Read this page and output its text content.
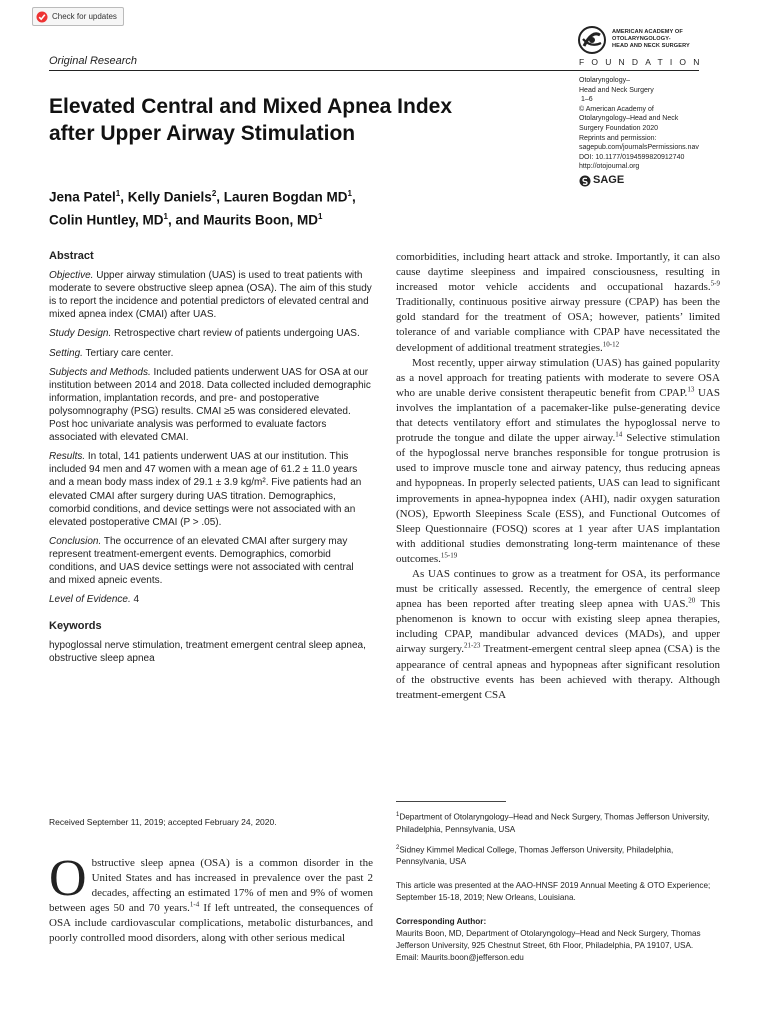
Check for updates
Original Research
AMERICAN ACADEMY OF
OTOLARYNGOLOGY-
HEAD AND NECK SURGERY
FOUNDATION
Otolaryngology–
Head and Neck Surgery
1–6
© American Academy of
Otolaryngology–Head and Neck
Surgery Foundation 2020
Reprints and permission:
sagepub.com/journalsPermissions.nav
DOI: 10.1177/0194599820912740
http://otojournal.org
SAGE
Elevated Central and Mixed Apnea Index
after Upper Airway Stimulation
Jena Patel$^1$, Kelly Daniels$^2$, Lauren Bogdan $MD^1$,
Colin Huntley, $MD^1$, and Maurits Boon, $MD^1$
Abstract

Objective. Upper airway stimulation (UAS) is used to treat patients with moderate to severe obstructive sleep apnea (OSA). The aim of this study is to report the incidence and potential predictors of elevated central and mixed apnea index (CMAI) after UAS.

Study Design. Retrospective chart review of patients undergoing UAS.

Setting. Tertiary care center.

Subjects and Methods. Included patients underwent UAS for OSA at our institution between 2014 and 2018. Data collected included demographic information, implantation records, and pre- and postoperative polysomnography (PSG) results. CMAI ≥5 was considered elevated. Post hoc univariate analysis was performed to evaluate factors associated with elevated CMAI.

Results. In total, 141 patients underwent UAS at our institution. This included 94 men and 47 women with a mean age of 61.2 ± 11.0 years and a mean body mass index of 29.1 ± 3.9 kg/m². Five patients had an elevated CMAI after surgery during UAS titration. Demographics, comorbid conditions, and device settings were not associated with an elevated postoperative CMAI (P > .05).

Conclusion. The occurrence of an elevated CMAI after surgery may represent treatment-emergent events. Demographics, comorbid conditions, and UAS device settings were not associated with central and mixed apneic events.

Level of Evidence. 4

Keywords

hypoglossal nerve stimulation, treatment emergent central sleep apnea, obstructive sleep apnea

Received September 11, 2019; accepted February 24, 2020.
Obstructive sleep apnea (OSA) is a common disorder in the United States and has increased in prevalence over the past 2 decades, affecting an estimated 17% of men and 9% of women between ages 50 and 70 years.$^{1-4}$ If left untreated, the consequences of OSA include cardiovascular complications, metabolic disturbances, and poorly controlled mood disorders, along with other serious medical

comorbidities, including heart attack and stroke. Importantly, it can also cause daytime sleepiness and impaired consciousness, resulting in increased motor vehicle accidents and occupational hazards.$^{5-9}$ Traditionally, continuous positive airway pressure (CPAP) has been the gold standard for the treatment of OSA; however, patients’ limited tolerance of and variable compliance with CPAP have necessitated the development of additional treatment strategies.$^{10-12}$

Most recently, upper airway stimulation (UAS) has gained popularity as a novel approach for treating patients with moderate to severe OSA who are unable derive consistent therapeutic benefit from CPAP.$^{13}$ UAS involves the implantation of a pacemaker-like pulse-generating device that detects ventilatory effort and stimulates the hypoglossal nerve to protrude the tongue and dilate the upper airway.$^{14}$ Selective stimulation of the hypoglossal nerve branches responsible for tongue protrusion is used to improve muscle tone and airway patency, thus reducing apneas and hypopneas. In properly selected patients, UAS can lead to significant improvements in apnea-hypopnea index (AHI), nadir oxygen saturation (NOS), Epworth Sleepiness Scale (ESS), and Functional Outcomes of Sleep Questionnaire (FOSQ) scores at 1 year after UAS implantation with additional studies demonstrating long-term maintenance of these outcomes.$^{15-19}$

As UAS continues to grow as a treatment for OSA, its performance must be critically assessed. Recently, the emergence of central sleep apnea has been reported after treating sleep apnea with UAS.$^{20}$ This phenomenon is known to occur with existing sleep apnea therapies, including CPAP, mandibular advanced devices (MADs), and upper airway surgery.$^{21-23}$ Treatment-emergent central sleep apnea (CSA) is the appearance of central apneas and hypopneas after significant resolution of the obstructive events has been achieved with therapy. Although treatment-emergent CSA

$^1$Department of Otolaryngology–Head and Neck Surgery, Thomas Jefferson University, Philadelphia, Pennsylvania, USA

$^2$Sidney Kimmel Medical College, Thomas Jefferson University, Philadelphia, Pennsylvania, USA

This article was presented at the AAO-HNSF 2019 Annual Meeting & OTO Experience; September 15-18, 2019; New Orleans, Louisiana.

Corresponding Author:
Maurits Boon, MD, Department of Otolaryngology–Head and Neck Surgery, Thomas Jefferson University, 925 Chestnut Street, 6th Floor, Philadelphia, PA 19107, USA.
Email: Maurits.boon@jefferson.edu
